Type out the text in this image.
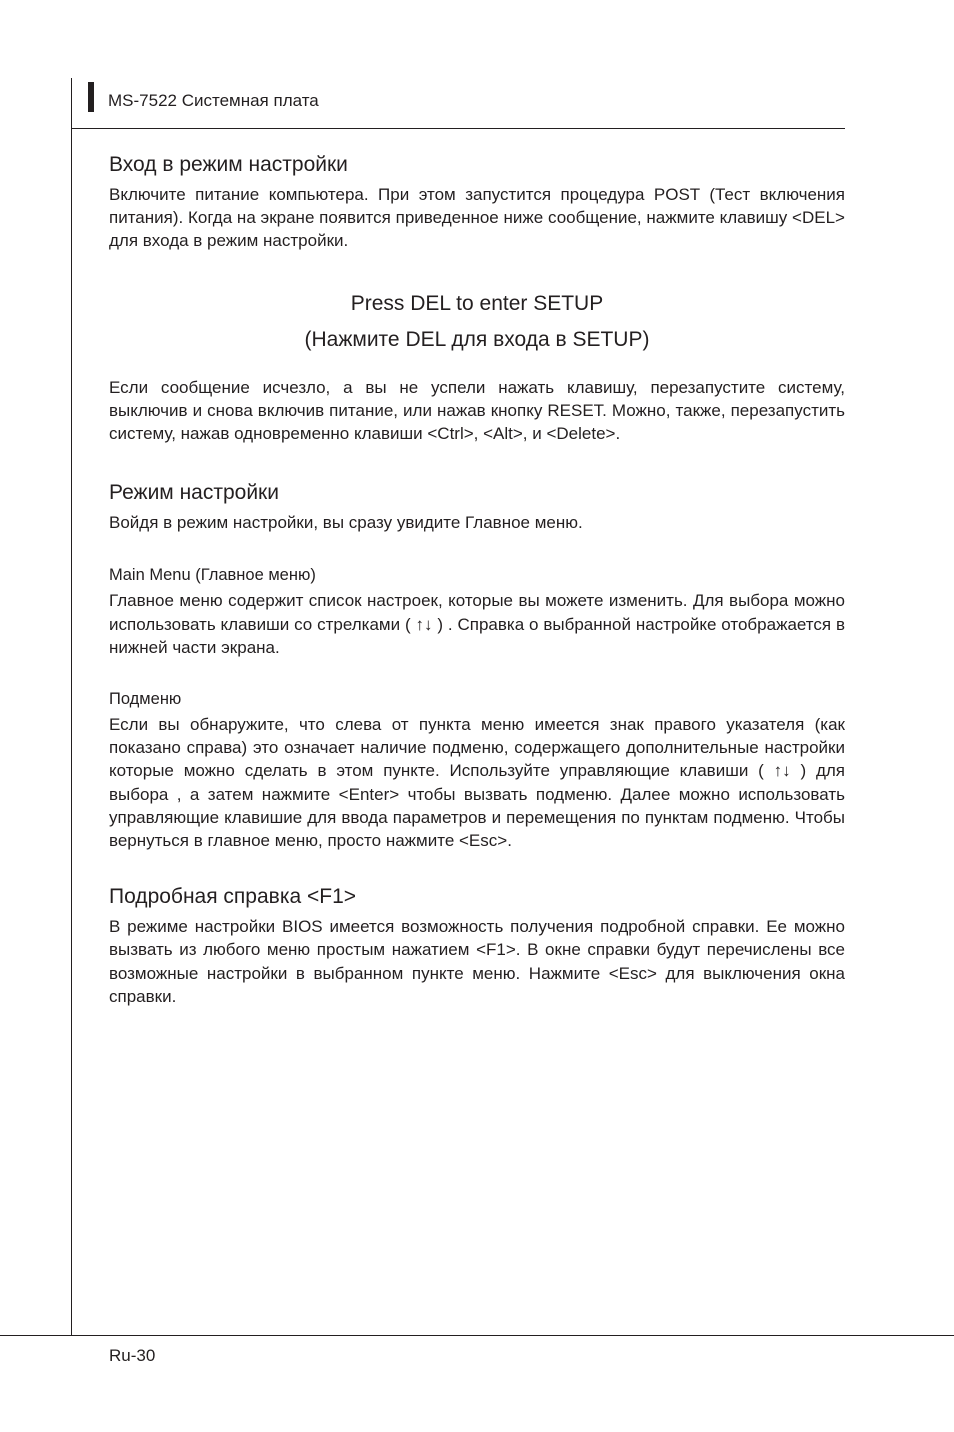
MS-7522 Системная плата
Вход в режим настройки

Включите питание компьютера. При этом запустится процедура POST (Тест включения питания). Когда на экране появится приведенное ниже сообщение, нажмите клавишу <DEL> для входа в режим настройки.

Press DEL to enter SETUP
(Нажмите DEL для входа в SETUP)

Если сообщение исчезло, а вы не успели нажать клавишу, перезапустите систему, выключив и снова включив питание, или нажав кнопку RESET. Можно, также, перезапустить систему, нажав одновременно клавиши <Ctrl>, <Alt>, и <Delete>.

Режим настройки

Войдя в режим настройки, вы сразу увидите Главное меню.

Main Menu (Главное меню)

Главное меню содержит список настроек, которые вы можете изменить. Для выбора можно использовать клавиши со стрелками ( ↑↓ ) . Справка о выбранной настройке отображается в нижней части экрана.

Подменю

Если вы обнаружите, что слева от пункта меню имеется знак правого указателя (как показано справа) это означает наличие подменю, содержащего дополнительные настройки которые можно сделать в этом пункте. Используйте управляющие клавиши ( ↑↓ ) для выбора , а затем нажмите <Enter> чтобы вызвать подменю. Далее можно использовать управляющие клавишие для ввода параметров и перемещения по пунктам подменю. Чтобы вернуться в главное меню, просто нажмите <Esc>.

Подробная справка <F1>

В режиме настройки BIOS имеется возможность получения подробной справки. Ее можно вызвать из любого меню простым нажатием <F1>. В окне справки будут перечислены все возможные настройки в выбранном пункте меню. Нажмите <Esc> для выключения окна справки.

Ru-30
